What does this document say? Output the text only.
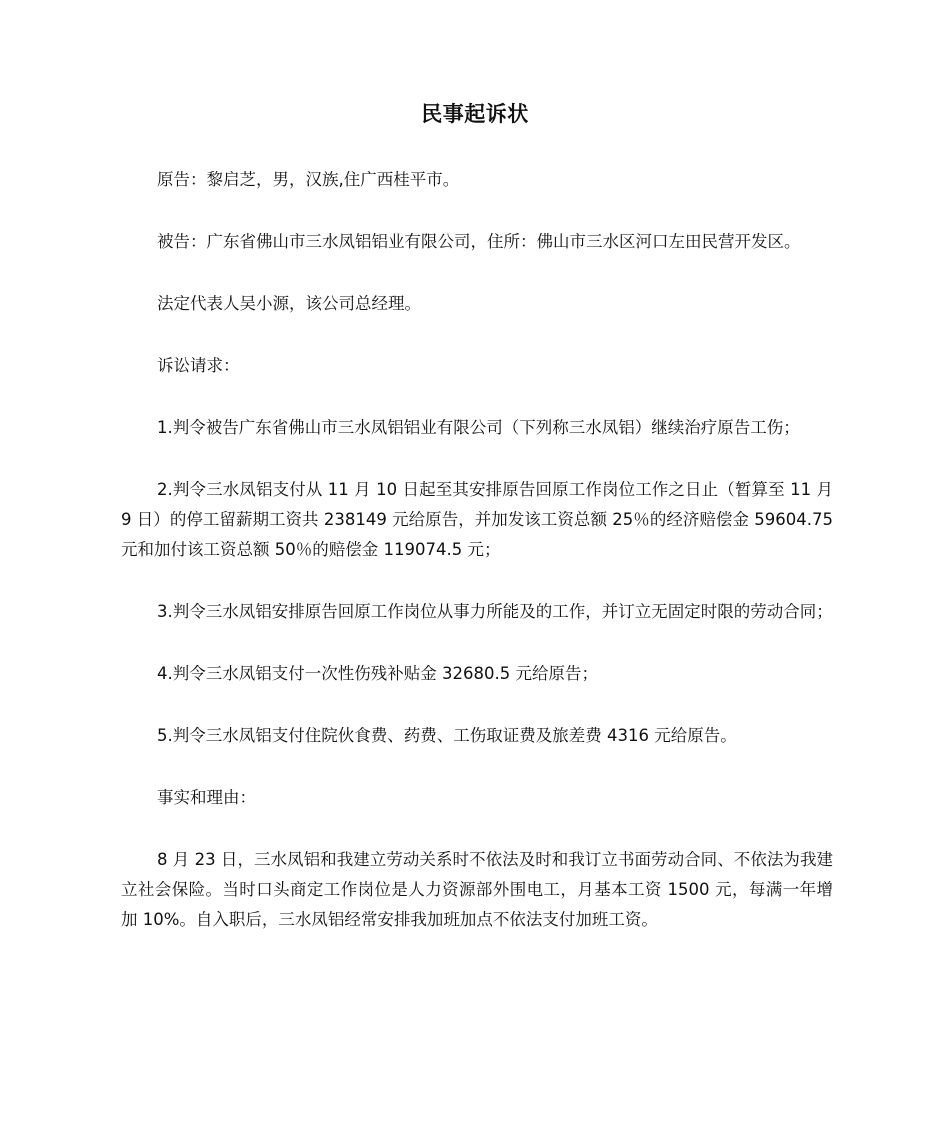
民事起诉状

原告：黎启芝，男，汉族,住广西桂平市。

被告：广东省佛山市三水凤铝铝业有限公司，住所：佛山市三水区河口左田民营开发区。

法定代表人吴小源，该公司总经理。

诉讼请求：

1.判令被告广东省佛山市三水凤铝铝业有限公司（下列称三水凤铝）继续治疗原告工伤；

2.判令三水凤铝支付从 11 月 10 日起至其安排原告回原工作岗位工作之日止（暂算至 11 月 9 日）的停工留薪期工资共 238149 元给原告，并加发该工资总额 25％的经济赔偿金 59604.75 元和加付该工资总额 50％的赔偿金 119074.5 元；

3.判令三水凤铝安排原告回原工作岗位从事力所能及的工作，并订立无固定时限的劳动合同；

4.判令三水凤铝支付一次性伤残补贴金 32680.5 元给原告；

5.判令三水凤铝支付住院伙食费、药费、工伤取证费及旅差费 4316 元给原告。

事实和理由：

8 月 23 日，三水凤铝和我建立劳动关系时不依法及时和我订立书面劳动合同、不依法为我建立社会保险。当时口头商定工作岗位是人力资源部外围电工，月基本工资 1500 元，每满一年增加 10%。自入职后，三水凤铝经常安排我加班加点不依法支付加班工资。
